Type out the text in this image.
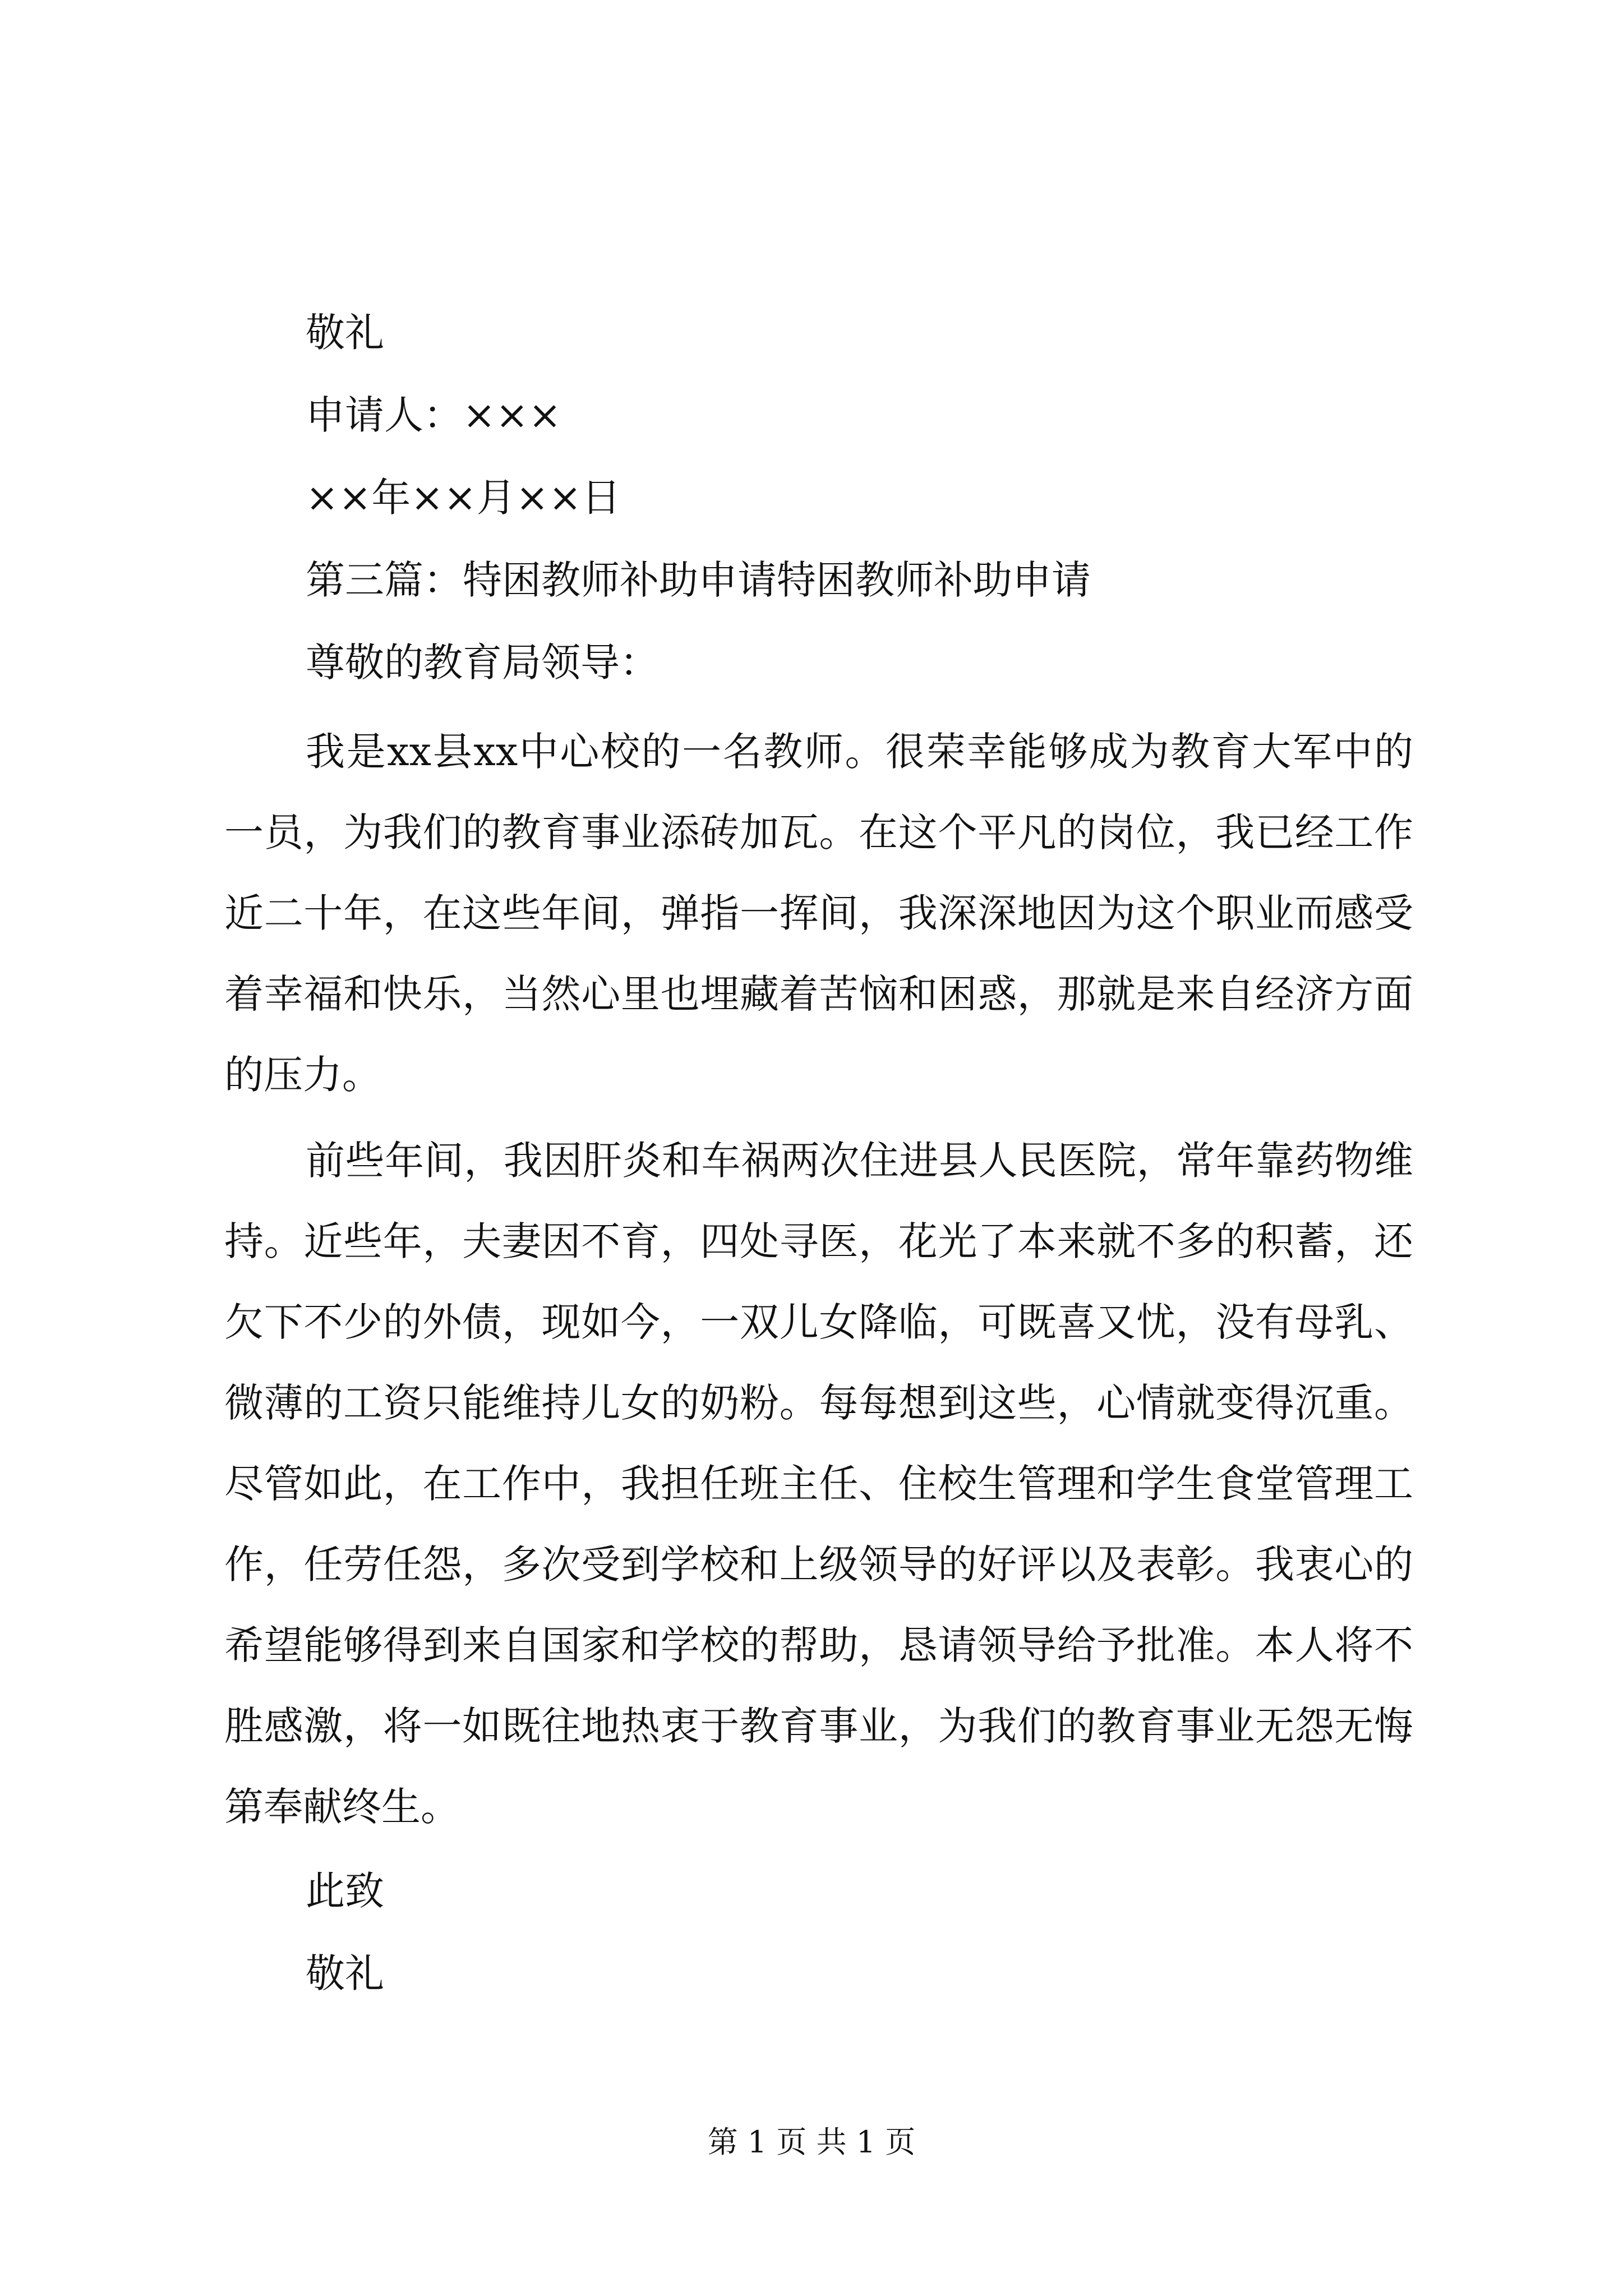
敬礼
申请人：×××
××年××月××日
第三篇：特困教师补助申请特困教师补助申请
尊敬的教育局领导：

我是xx县xx中心校的一名教师。很荣幸能够成为教育大军中的一员，为我们的教育事业添砖加瓦。在这个平凡的岗位，我已经工作近二十年，在这些年间，弹指一挥间，我深深地因为这个职业而感受着幸福和快乐，当然心里也埋藏着苦恼和困惑，那就是来自经济方面的压力。

前些年间，我因肝炎和车祸两次住进县人民医院，常年靠药物维持。近些年，夫妻因不育，四处寻医，花光了本来就不多的积蓄，还欠下不少的外债，现如今，一双儿女降临，可既喜又忧，没有母乳、微薄的工资只能维持儿女的奶粉。每每想到这些，心情就变得沉重。尽管如此，在工作中，我担任班主任、住校生管理和学生食堂管理工作，任劳任怨，多次受到学校和上级领导的好评以及表彰。我衷心的希望能够得到来自国家和学校的帮助，恳请领导给予批准。本人将不胜感激，将一如既往地热衷于教育事业，为我们的教育事业无怨无悔第奉献终生。

此致
敬礼
第 1 页 共 1 页
